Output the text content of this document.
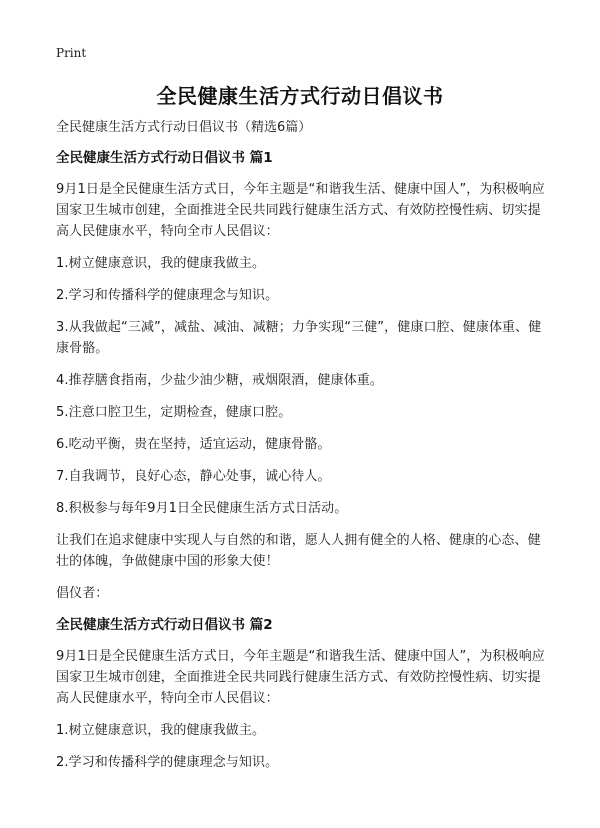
Print
全民健康生活方式行动日倡议书

全民健康生活方式行动日倡议书（精选6篇）

全民健康生活方式行动日倡议书 篇1

9月1日是全民健康生活方式日，今年主题是“和谐我生活、健康中国人”，为积极响应国家卫生城市创建，全面推进全民共同践行健康生活方式、有效防控慢性病、切实提高人民健康水平，特向全市人民倡议：

1.树立健康意识，我的健康我做主。

2.学习和传播科学的健康理念与知识。

3.从我做起“三减”，减盐、减油、减糖；力争实现“三健”，健康口腔、健康体重、健康骨骼。

4.推荐膳食指南，少盐少油少糖，戒烟限酒，健康体重。

5.注意口腔卫生，定期检查，健康口腔。

6.吃动平衡，贵在坚持，适宜运动，健康骨骼。

7.自我调节，良好心态，静心处事，诚心待人。

8.积极参与每年9月1日全民健康生活方式日活动。

让我们在追求健康中实现人与自然的和谐，愿人人拥有健全的人格、健康的心态、健壮的体魄，争做健康中国的形象大使！

倡仪者：

全民健康生活方式行动日倡议书 篇2

9月1日是全民健康生活方式日，今年主题是“和谐我生活、健康中国人”，为积极响应国家卫生城市创建，全面推进全民共同践行健康生活方式、有效防控慢性病、切实提高人民健康水平，特向全市人民倡议：

1.树立健康意识，我的健康我做主。

2.学习和传播科学的健康理念与知识。
